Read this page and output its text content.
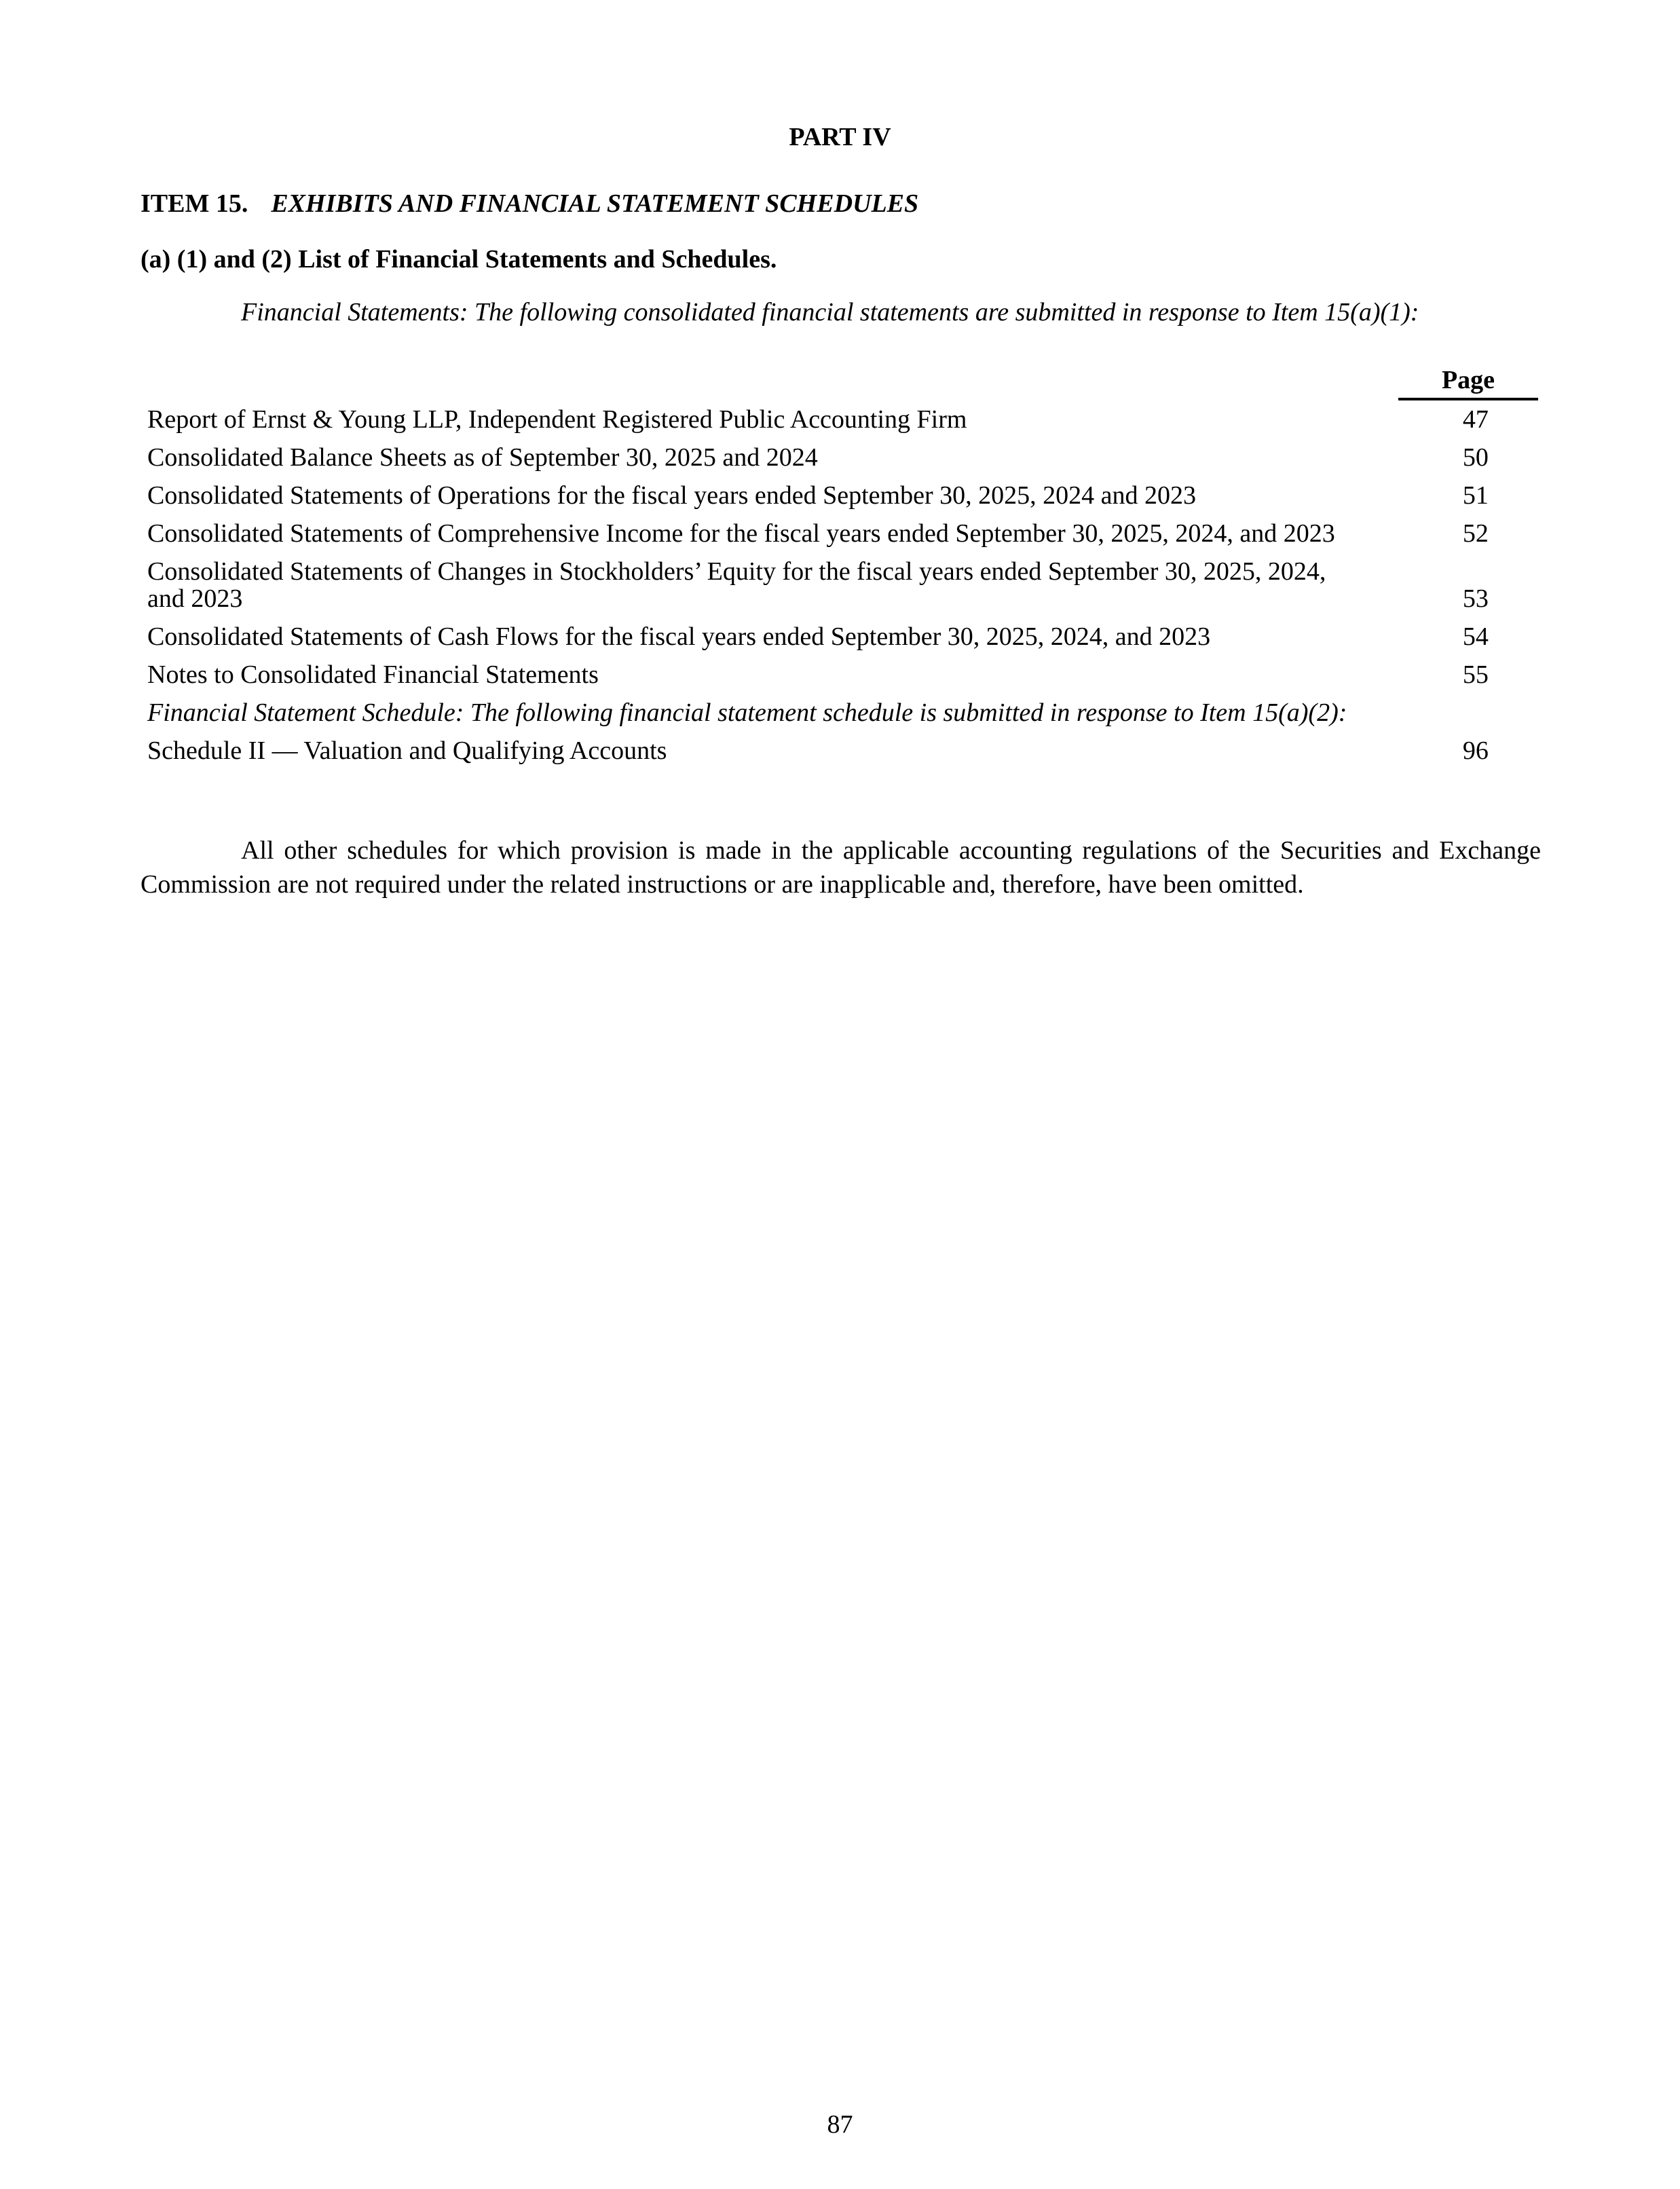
PART IV
ITEM 15. EXHIBITS AND FINANCIAL STATEMENT SCHEDULES
(a) (1) and (2) List of Financial Statements and Schedules.
Financial Statements: The following consolidated financial statements are submitted in response to Item 15(a)(1):
Page
Report of Ernst & Young LLP, Independent Registered Public Accounting Firm		47
Consolidated Balance Sheets as of September 30, 2025 and 2024		50
Consolidated Statements of Operations for the fiscal years ended September 30, 2025, 2024 and 2023		51
Consolidated Statements of Comprehensive Income for the fiscal years ended September 30, 2025, 2024, and 2023		52
Consolidated Statements of Changes in Stockholders’ Equity for the fiscal years ended September 30, 2025, 2024, and 2023		53
Consolidated Statements of Cash Flows for the fiscal years ended September 30, 2025, 2024, and 2023		54
Notes to Consolidated Financial Statements		55
Financial Statement Schedule: The following financial statement schedule is submitted in response to Item 15(a)(2):		
Schedule II — Valuation and Qualifying Accounts		96
All other schedules for which provision is made in the applicable accounting regulations of the Securities and Exchange Commission are not required under the related instructions or are inapplicable and, therefore, have been omitted.
87
